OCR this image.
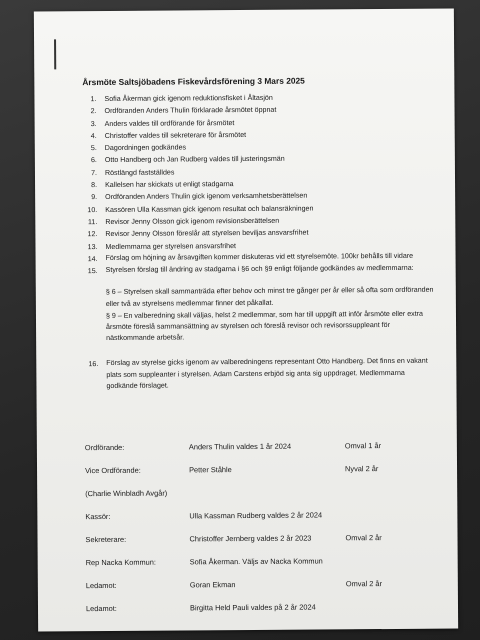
Årsmöte Saltsjöbadens Fiskevårdsförening 3 Mars 2025
1. Sofia Åkerman gick igenom reduktionsfisket i Åltasjön
2. Ordföranden Anders Thulin förklarade årsmötet öppnat
3. Anders valdes till ordförande för årsmötet
4. Christoffer valdes till sekreterare för årsmötet
5. Dagordningen godkändes
6. Otto Handberg och Jan Rudberg valdes till justeringsmän
7. Röstlängd fastställdes
8. Kallelsen har skickats ut enligt stadgarna
9. Ordföranden Anders Thulin gick igenom verksamhetsberättelsen
10. Kassören Ulla Kassman gick igenom resultat och balansräkningen
11. Revisor Jenny Olsson gick igenom revisionsberättelsen
12. Revisor Jenny Olsson föreslår att styrelsen beviljas ansvarsfrihet
13. Medlemmarna ger styrelsen ansvarsfrihet
14. Förslag om höjning av årsavgiften kommer diskuteras vid ett styrelsemöte. 100kr behålls till vidare
15. Styrelsen förslag till ändring av stadgarna i §6 och §9 enligt följande godkändes av medlemmarna:
§ 6 – Styrelsen skall sammanträda efter behov och minst tre gånger per år eller så ofta som ordföranden eller två av styrelsens medlemmar finner det påkallat.
§ 9 – En valberedning skall väljas, helst 2 medlemmar, som har till uppgift att inför årsmöte eller extra årsmöte föreslå sammansättning av styrelsen och föreslå revisor och revisorssuppleant för nästkommande arbetsår.
16. Förslag av styrelse gicks igenom av valberedningens representant Otto Handberg. Det finns en vakant plats som suppleanter i styrelsen. Adam Carstens erbjöd sig anta sig uppdraget. Medlemmarna godkände förslaget.
Ordförande:	Anders Thulin valdes 1 år 2024	Omval 1 år
Vice Ordförande:	Petter Ståhle	Nyval 2 år
(Charlie Winbladh Avgår)
Kassör:	Ulla Kassman Rudberg valdes 2 år 2024
Sekreterare:	Christoffer Jernberg valdes 2 år 2023	Omval 2 år
Rep Nacka Kommun:	Sofia Åkerman. Väljs av Nacka Kommun
Ledamot:	Goran Ekman	Omval 2 år
Ledamot:	Birgitta Held Pauli valdes på 2 år 2024
